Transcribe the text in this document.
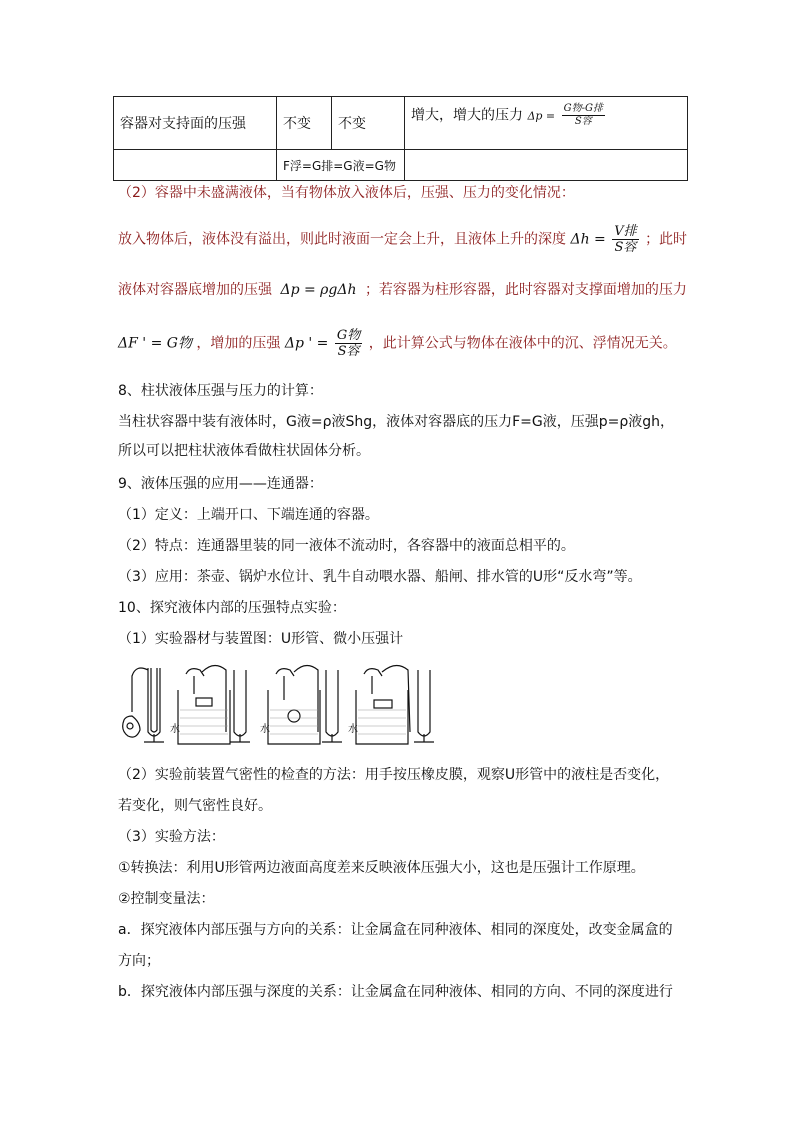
容器对支持面的压强	不变	不变	增大，增大的压力 $\Delta p = \frac{\text{G物-G排}}{\text{S容}}$

	F浮=G排=G液=G物		
（2）容器中未盛满液体，当有物体放入液体后，压强、压力的变化情况：
放入物体后，液体没有溢出，则此时液面一定会上升，且液体上升的深度 $\Delta h = \frac{\text{V排}}{\text{S容}}$ ；此时
液体对容器底增加的压强 Δp = ρgΔh ；若容器为柱形容器，此时容器对支撑面增加的压力
ΔF ' = G物 ，增加的压强 Δp ' = $\frac{\text{G物}}{\text{S容}}$ ，此计算公式与物体在液体中的沉、浮情况无关。
8、柱状液体压强与压力的计算：
当柱状容器中装有液体时，G液=ρ液Shg，液体对容器底的压力F=G液，压强p=ρ液gh，
所以可以把柱状液体看做柱状固体分析。
9、液体压强的应用——连通器：
（1）定义：上端开口、下端连通的容器。
（2）特点：连通器里装的同一液体不流动时，各容器中的液面总相平的。
（3）应用：茶壶、锅炉水位计、乳牛自动喂水器、船闸、排水管的U形“反水弯”等。
10、探究液体内部的压强特点实验：
（1）实验器材与装置图：U形管、微小压强计
水	水	水
（2）实验前装置气密性的检查的方法：用手按压橡皮膜，观察U形管中的液柱是否变化，
若变化，则气密性良好。
（3）实验方法：
①转换法：利用U形管两边液面高度差来反映液体压强大小，这也是压强计工作原理。
②控制变量法：
a．探究液体内部压强与方向的关系：让金属盒在同种液体、相同的深度处，改变金属盒的
方向；
b．探究液体内部压强与深度的关系：让金属盒在同种液体、相同的方向、不同的深度进行
